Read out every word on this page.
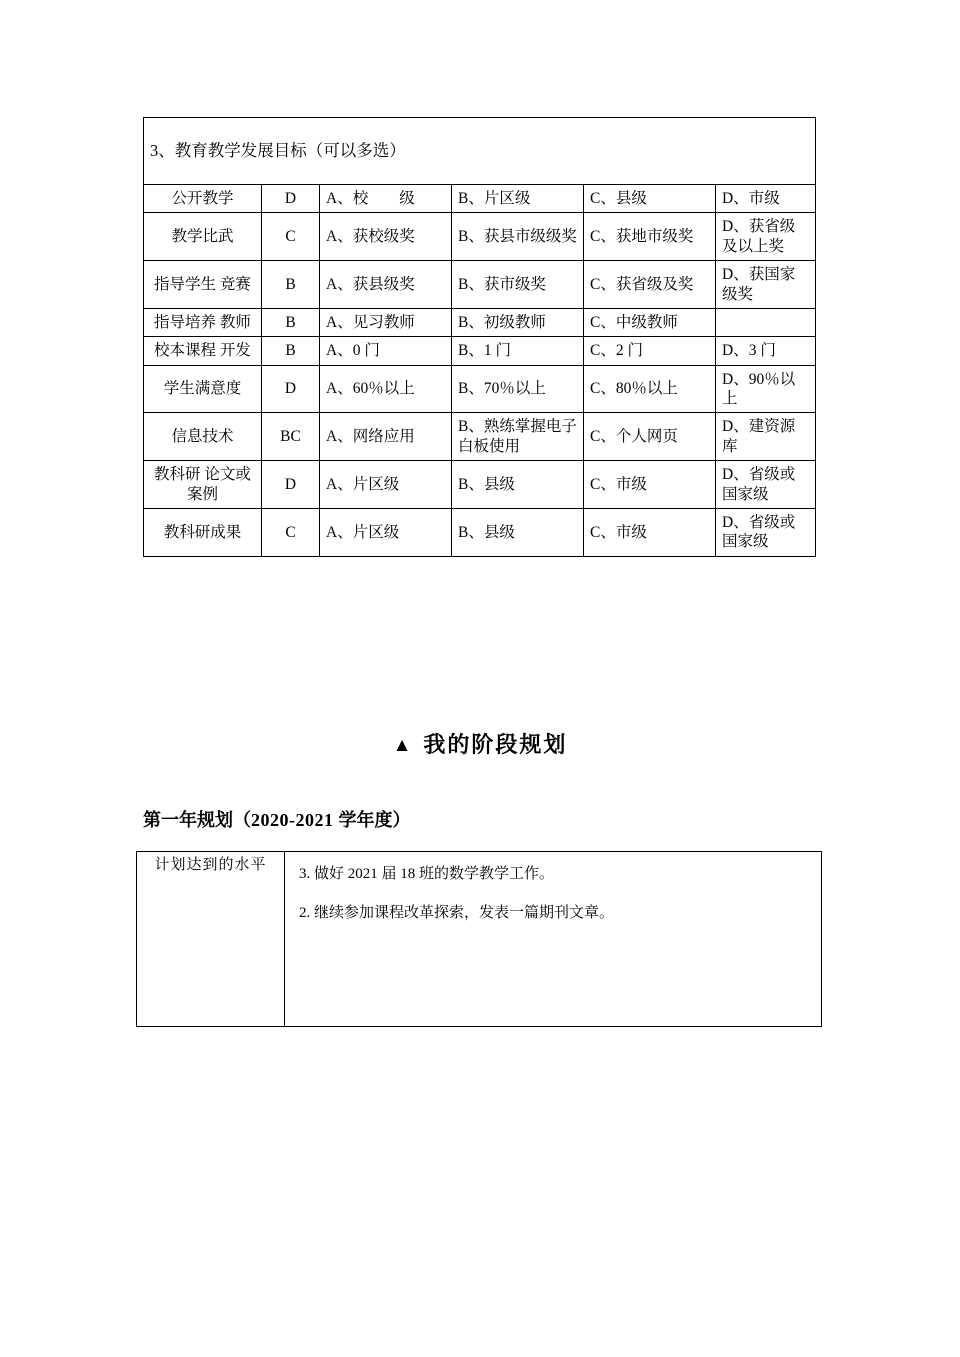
3、教育教学发展目标（可以多选）					
公开教学	D	A、校　　级	B、片区级	C、县级	D、市级
教学比武	C	A、获校级奖	B、获县市级级奖	C、获地市级奖	D、获省级及以上奖
指导学生 竞赛	B	A、获县级奖	B、获市级奖	C、获省级及奖	D、获国家级奖
指导培养 教师	B	A、见习教师	B、初级教师	C、中级教师	
校本课程 开发	B	A、0 门	B、1 门	C、2 门	D、3 门
学生满意度	D	A、60％以上	B、70％以上	C、80％以上	D、90％以上
信息技术	BC	A、网络应用	B、熟练掌握电子白板使用	C、个人网页	D、建资源库
教科研 论文或案例	D	A、片区级	B、县级	C、市级	D、省级或国家级
教科研成果	C	A、片区级	B、县级	C、市级	D、省级或国家级
▲ 我的阶段规划
第一年规划（2020-2021 学年度）
计划达到的水平	

3. 做好 2021 届 18 班的数学教学工作。

2. 继续参加课程改革探索，发表一篇期刊文章。
